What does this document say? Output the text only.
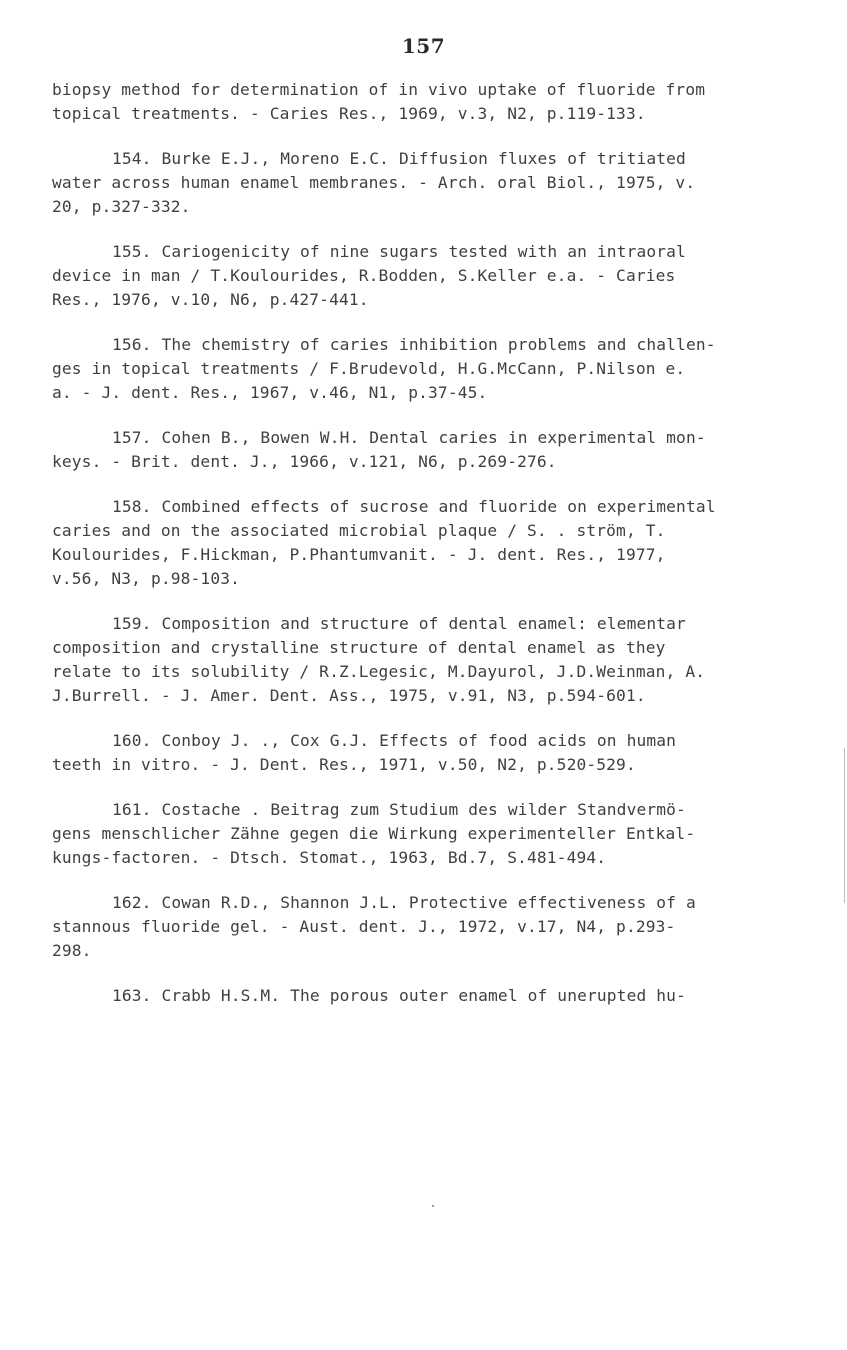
157
biopsy method for determination of in vivo uptake of fluoride from
topical treatments. - Caries Res., 1969, v.3, N2, p.119-133.
154. Burke E.J., Moreno E.C. Diffusion fluxes of tritiated
water across human enamel membranes. - Arch. oral Biol., 1975, v.
20, p.327-332.
155. Cariogenicity of nine sugars tested with an intraoral
device in man / T.Koulourides, R.Bodden, S.Keller e.a. - Caries
Res., 1976, v.10, N6, p.427-441.
156. The chemistry of caries inhibition problems and challen-
ges in topical treatments / F.Brudevold, H.G.McCann, P.Nilson e.
a. - J. dent. Res., 1967, v.46, N1, p.37-45.
157. Cohen B., Bowen W.H. Dental caries in experimental mon-
keys. - Brit. dent. J., 1966, v.121, N6, p.269-276.
158. Combined effects of sucrose and fluoride on experimental
caries and on the associated microbial plaque / S. . ström, T.
Koulourides, F.Hickman, P.Phantumvanit. - J. dent. Res., 1977,
v.56, N3, p.98-103.
159. Composition and structure of dental enamel: elementar
composition and crystalline structure of dental enamel as they
relate to its solubility / R.Z.Legesic, M.Dayurol, J.D.Weinman, A.
J.Burrell. - J. Amer. Dent. Ass., 1975, v.91, N3, p.594-601.
160. Conboy J. ., Cox G.J. Effects of food acids on human
teeth in vitro. - J. Dent. Res., 1971, v.50, N2, p.520-529.
161. Costache . Beitrag zum Studium des wilder Standvermö-
gens menschlicher Zähne gegen die Wirkung experimenteller Entkal-
kungs-factoren. - Dtsch. Stomat., 1963, Bd.7, S.481-494.
162. Cowan R.D., Shannon J.L. Protective effectiveness of a
stannous fluoride gel. - Aust. dent. J., 1972, v.17, N4, p.293-
298.
163. Crabb H.S.M. The porous outer enamel of unerupted hu-
